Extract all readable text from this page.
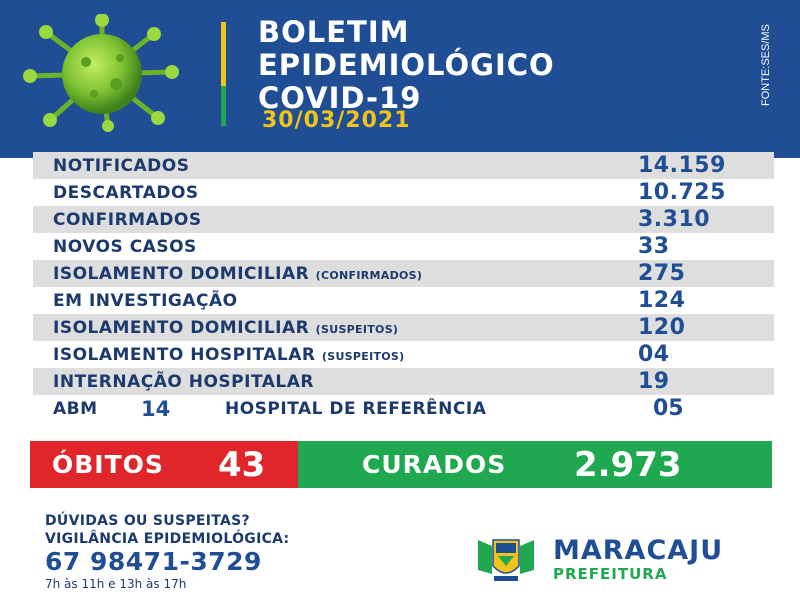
BOLETIM
EPIDEMIOLÓGICO
COVID-19
30/03/2021
FONTE:SES/MS
NOTIFICADOS	14.159
DESCARTADOS	10.725
CONFIRMADOS	3.310
NOVOS CASOS	33
ISOLAMENTO DOMICILIAR (CONFIRMADOS)	275
EM INVESTIGAÇÃO	124
ISOLAMENTO DOMICILIAR (SUSPEITOS)	120
ISOLAMENTO HOSPITALAR (SUSPEITOS)	04
INTERNAÇÃO HOSPITALAR	19
ABM 14	HOSPITAL DE REFERÊNCIA	05
ÓBITOS 43	CURADOS 2.973
DÚVIDAS OU SUSPEITAS?
VIGILÂNCIA EPIDEMIOLÓGICA:
67 98471-3729
7h às 11h e 13h às 17h
MARACAJU
PREFEITURA
